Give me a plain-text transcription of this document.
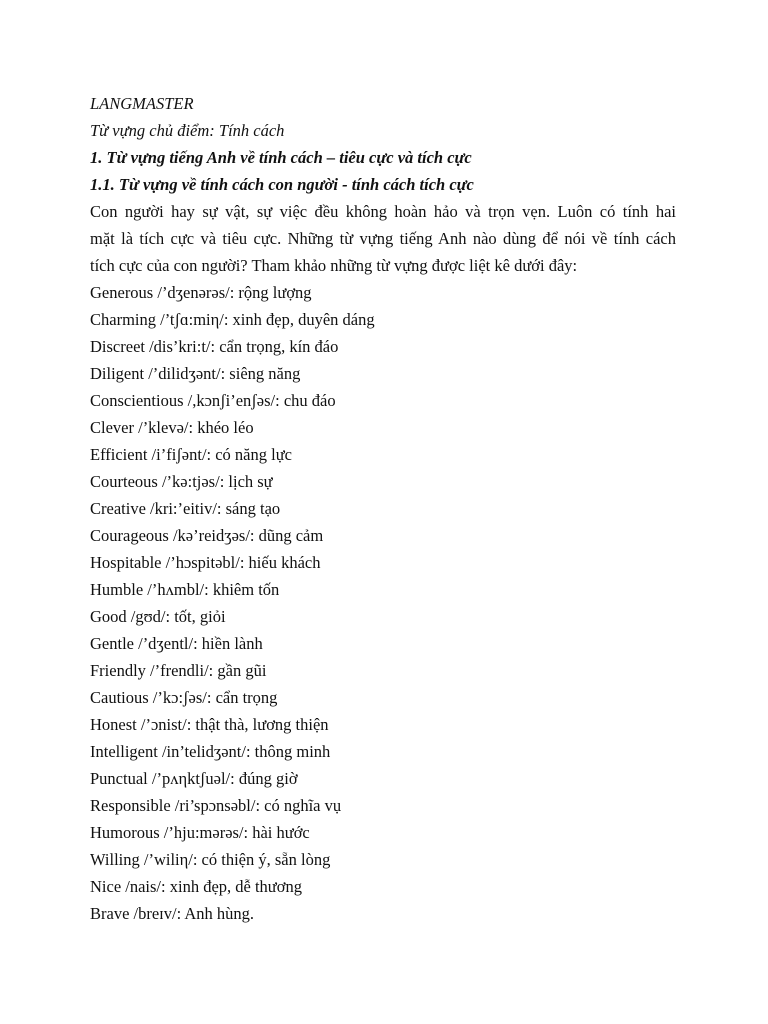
LANGMASTER
Từ vựng chủ điểm: Tính cách
1. Từ vựng tiếng Anh về tính cách – tiêu cực và tích cực
1.1. Từ vựng về tính cách con người - tính cách tích cực
Con người hay sự vật, sự việc đều không hoàn hảo và trọn vẹn. Luôn có tính hai
mặt là tích cực và tiêu cực. Những từ vựng tiếng Anh nào dùng để nói về tính cách
tích cực của con người? Tham khảo những từ vựng được liệt kê dưới đây:
Generous /’dʒenərəs/: rộng lượng
Charming /’tʃɑ:miη/: xinh đẹp, duyên dáng
Discreet /dis’kri:t/: cẩn trọng, kín đáo
Diligent /’dilidʒənt/: siêng năng
Conscientious /,kɔnʃi’enʃəs/: chu đáo
Clever /’klevə/: khéo léo
Efficient /i’fiʃənt/: có năng lực
Courteous /’kə:tjəs/: lịch sự
Creative /kri:’eitiv/: sáng tạo
Courageous /kə’reidʒəs/: dũng cảm
Hospitable /’hɔspitəbl/: hiếu khách
Humble /’hʌmbl/: khiêm tốn
Good /gʊd/: tốt, giỏi
Gentle /’dʒentl/: hiền lành
Friendly /’frendli/: gần gũi
Cautious /’kɔ:ʃəs/: cẩn trọng
Honest /’ɔnist/: thật thà, lương thiện
Intelligent /in’telidʒənt/: thông minh
Punctual /’pʌηktʃuəl/: đúng giờ
Responsible /ri’spɔnsəbl/: có nghĩa vụ
Humorous /’hju:mərəs/: hài hước
Willing /’wiliη/: có thiện ý, sẵn lòng
Nice /nais/: xinh đẹp, dễ thương
Brave /breɪv/: Anh hùng.
